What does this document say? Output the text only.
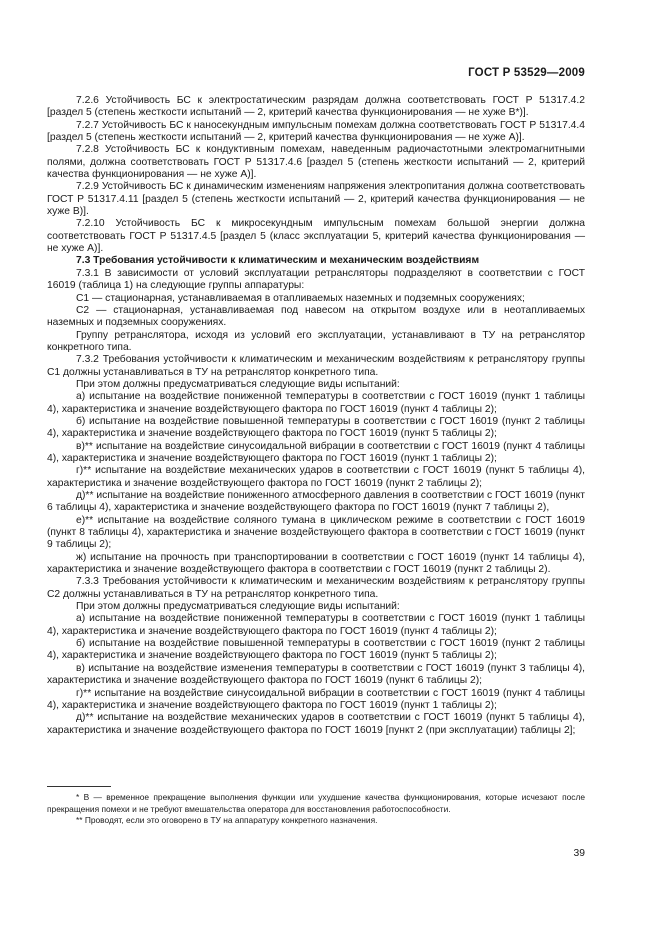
ГОСТ Р 53529—2009

7.2.6 Устойчивость БС к электростатическим разрядам должна соответствовать ГОСТ Р 51317.4.2 [раздел 5 (степень жесткости испытаний — 2, критерий качества функционирования — не хуже В*)].

7.2.7 Устойчивость БС к наносекундным импульсным помехам должна соответствовать ГОСТ Р 51317.4.4 [раздел 5 (степень жесткости испытаний — 2, критерий качества функционирования — не хуже А)].

7.2.8 Устойчивость БС к кондуктивным помехам, наведенным радиочастотными электромагнитными полями, должна соответствовать ГОСТ Р 51317.4.6 [раздел 5 (степень жесткости испытаний — 2, критерий качества функционирования — не хуже А)].

7.2.9 Устойчивость БС к динамическим изменениям напряжения электропитания должна соответствовать ГОСТ Р 51317.4.11 [раздел 5 (степень жесткости испытаний — 2, критерий качества функционирования — не хуже В)].

7.2.10 Устойчивость БС к микросекундным импульсным помехам большой энергии должна соответствовать ГОСТ Р 51317.4.5 [раздел 5 (класс эксплуатации 5, критерий качества функционирования — не хуже А)].

7.3 Требования устойчивости к климатическим и механическим воздействиям

7.3.1 В зависимости от условий эксплуатации ретрансляторы подразделяют в соответствии с ГОСТ 16019 (таблица 1) на следующие группы аппаратуры:

С1 — стационарная, устанавливаемая в отапливаемых наземных и подземных сооружениях;

С2 — стационарная, устанавливаемая под навесом на открытом воздухе или в неотапливаемых наземных и подземных сооружениях.

Группу ретранслятора, исходя из условий его эксплуатации, устанавливают в ТУ на ретранслятор конкретного типа.

7.3.2 Требования устойчивости к климатическим и механическим воздействиям к ретранслятору группы С1 должны устанавливаться в ТУ на ретранслятор конкретного типа.

При этом должны предусматриваться следующие виды испытаний:

а) испытание на воздействие пониженной температуры в соответствии с ГОСТ 16019 (пункт 1 таблицы 4), характеристика и значение воздействующего фактора по ГОСТ 16019 (пункт 4 таблицы 2);

б) испытание на воздействие повышенной температуры в соответствии с ГОСТ 16019 (пункт 2 таблицы 4), характеристика и значение воздействующего фактора по ГОСТ 16019 (пункт 5 таблицы 2);

в)** испытание на воздействие синусоидальной вибрации в соответствии с ГОСТ 16019 (пункт 4 таблицы 4), характеристика и значение воздействующего фактора по ГОСТ 16019 (пункт 1 таблицы 2);

г)** испытание на воздействие механических ударов в соответствии с ГОСТ 16019 (пункт 5 таблицы 4), характеристика и значение воздействующего фактора по ГОСТ 16019 (пункт 2 таблицы 2);

д)** испытание на воздействие пониженного атмосферного давления в соответствии с ГОСТ 16019 (пункт 6 таблицы 4), характеристика и значение воздействующего фактора по ГОСТ 16019 (пункт 7 таблицы 2),

е)** испытание на воздействие соляного тумана в циклическом режиме в соответствии с ГОСТ 16019 (пункт 8 таблицы 4), характеристика и значение воздействующего фактора в соответствии с ГОСТ 16019 (пункт 9 таблицы 2);

ж) испытание на прочность при транспортировании в соответствии с ГОСТ 16019 (пункт 14 таблицы 4), характеристика и значение воздействующего фактора в соответствии с ГОСТ 16019 (пункт 2 таблицы 2).

7.3.3 Требования устойчивости к климатическим и механическим воздействиям к ретранслятору группы С2 должны устанавливаться в ТУ на ретранслятор конкретного типа.

При этом должны предусматриваться следующие виды испытаний:

а) испытание на воздействие пониженной температуры в соответствии с ГОСТ 16019 (пункт 1 таблицы 4), характеристика и значение воздействующего фактора по ГОСТ 16019 (пункт 4 таблицы 2);

б) испытание на воздействие повышенной температуры в соответствии с ГОСТ 16019 (пункт 2 таблицы 4), характеристика и значение воздействующего фактора по ГОСТ 16019 (пункт 5 таблицы 2);

в) испытание на воздействие изменения температуры в соответствии с ГОСТ 16019 (пункт 3 таблицы 4), характеристика и значение воздействующего фактора по ГОСТ 16019 (пункт 6 таблицы 2);

г)** испытание на воздействие синусоидальной вибрации в соответствии с ГОСТ 16019 (пункт 4 таблицы 4), характеристика и значение воздействующего фактора по ГОСТ 16019 (пункт 1 таблицы 2);

д)** испытание на воздействие механических ударов в соответствии с ГОСТ 16019 (пункт 5 таблицы 4), характеристика и значение воздействующего фактора по ГОСТ 16019 [пункт 2 (при эксплуатации) таблицы 2];

* В — временное прекращение выполнения функции или ухудшение качества функционирования, которые исчезают после прекращения помехи и не требуют вмешательства оператора для восстановления работоспособности.

** Проводят, если это оговорено в ТУ на аппаратуру конкретного назначения.

39
